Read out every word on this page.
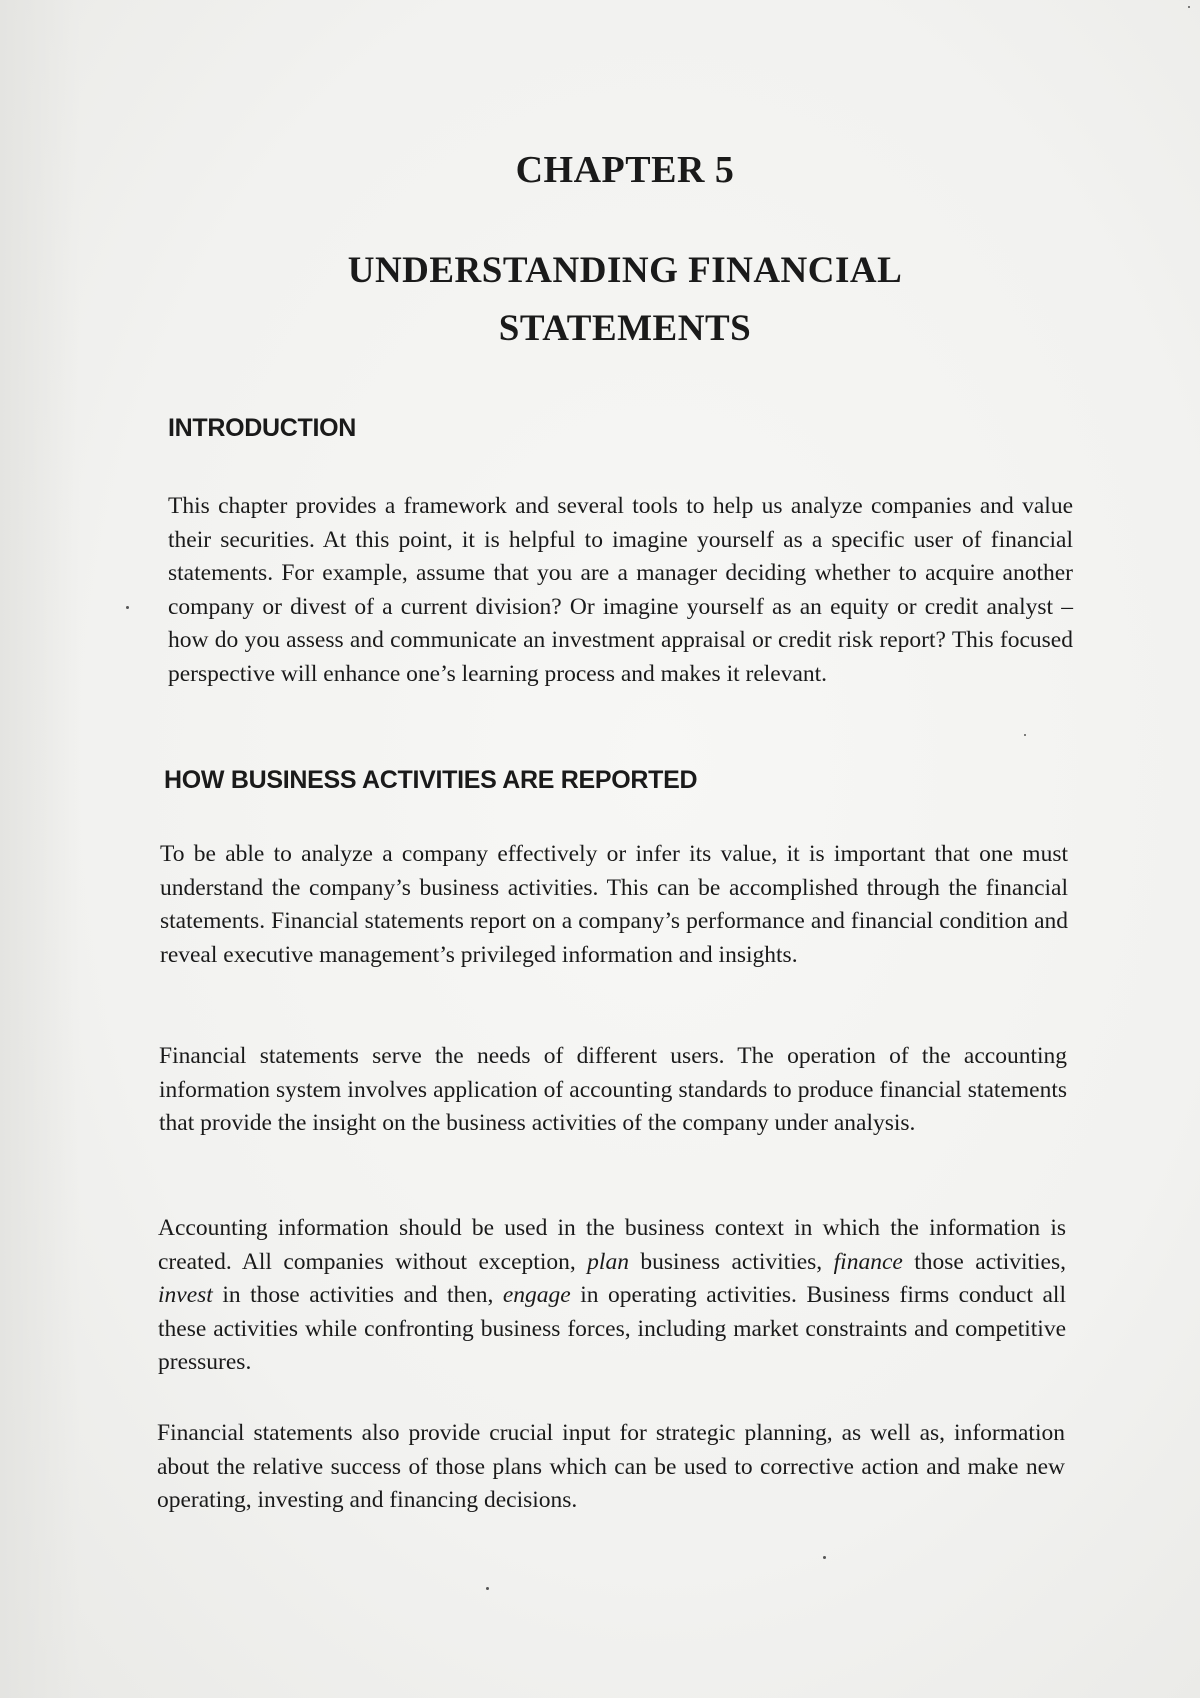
CHAPTER 5
UNDERSTANDING FINANCIAL
STATEMENTS
INTRODUCTION

This chapter provides a framework and several tools to help us analyze companies and value their securities. At this point, it is helpful to imagine yourself as a specific user of financial statements. For example, assume that you are a manager deciding whether to acquire another company or divest of a current division? Or imagine yourself as an equity or credit analyst – how do you assess and communicate an investment appraisal or credit risk report? This focused perspective will enhance one’s learning process and makes it relevant.

HOW BUSINESS ACTIVITIES ARE REPORTED

To be able to analyze a company effectively or infer its value, it is important that one must understand the company’s business activities. This can be accomplished through the financial statements. Financial statements report on a company’s performance and financial condition and reveal executive management’s privileged information and insights.

Financial statements serve the needs of different users. The operation of the accounting information system involves application of accounting standards to produce financial statements that provide the insight on the business activities of the company under analysis.

Accounting information should be used in the business context in which the information is created. All companies without exception, plan business activities, finance those activities, invest in those activities and then, engage in operating activities. Business firms conduct all these activities while confronting business forces, including market constraints and competitive pressures.

Financial statements also provide crucial input for strategic planning, as well as, information about the relative success of those plans which can be used to corrective action and make new operating, investing and financing decisions.
